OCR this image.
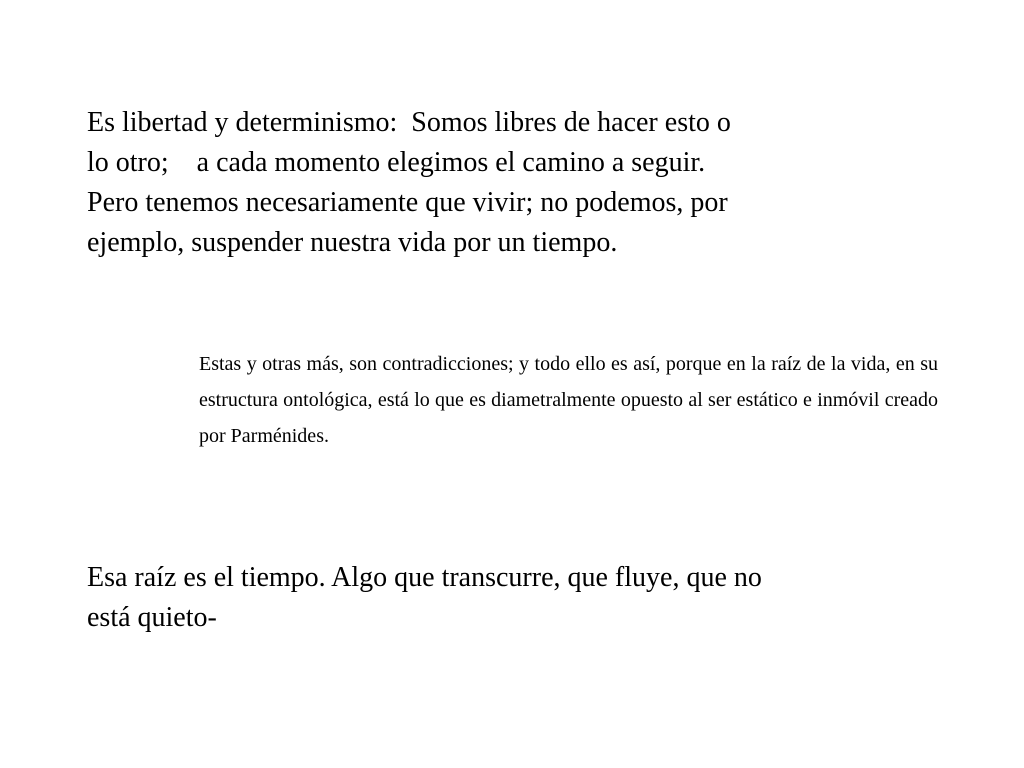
Es libertad y determinismo:  Somos libres de hacer esto o
lo otro;    a cada momento elegimos el camino a seguir.
Pero tenemos necesariamente que vivir; no podemos, por
ejemplo, suspender nuestra vida por un tiempo.

Estas y otras más, son contradicciones; y todo ello es así, porque en la raíz de la vida, en su estructura ontológica, está lo que es diametralmente opuesto al ser estático e inmóvil creado por Parménides.

Esa raíz es el tiempo. Algo que transcurre, que fluye, que no
está quieto-
